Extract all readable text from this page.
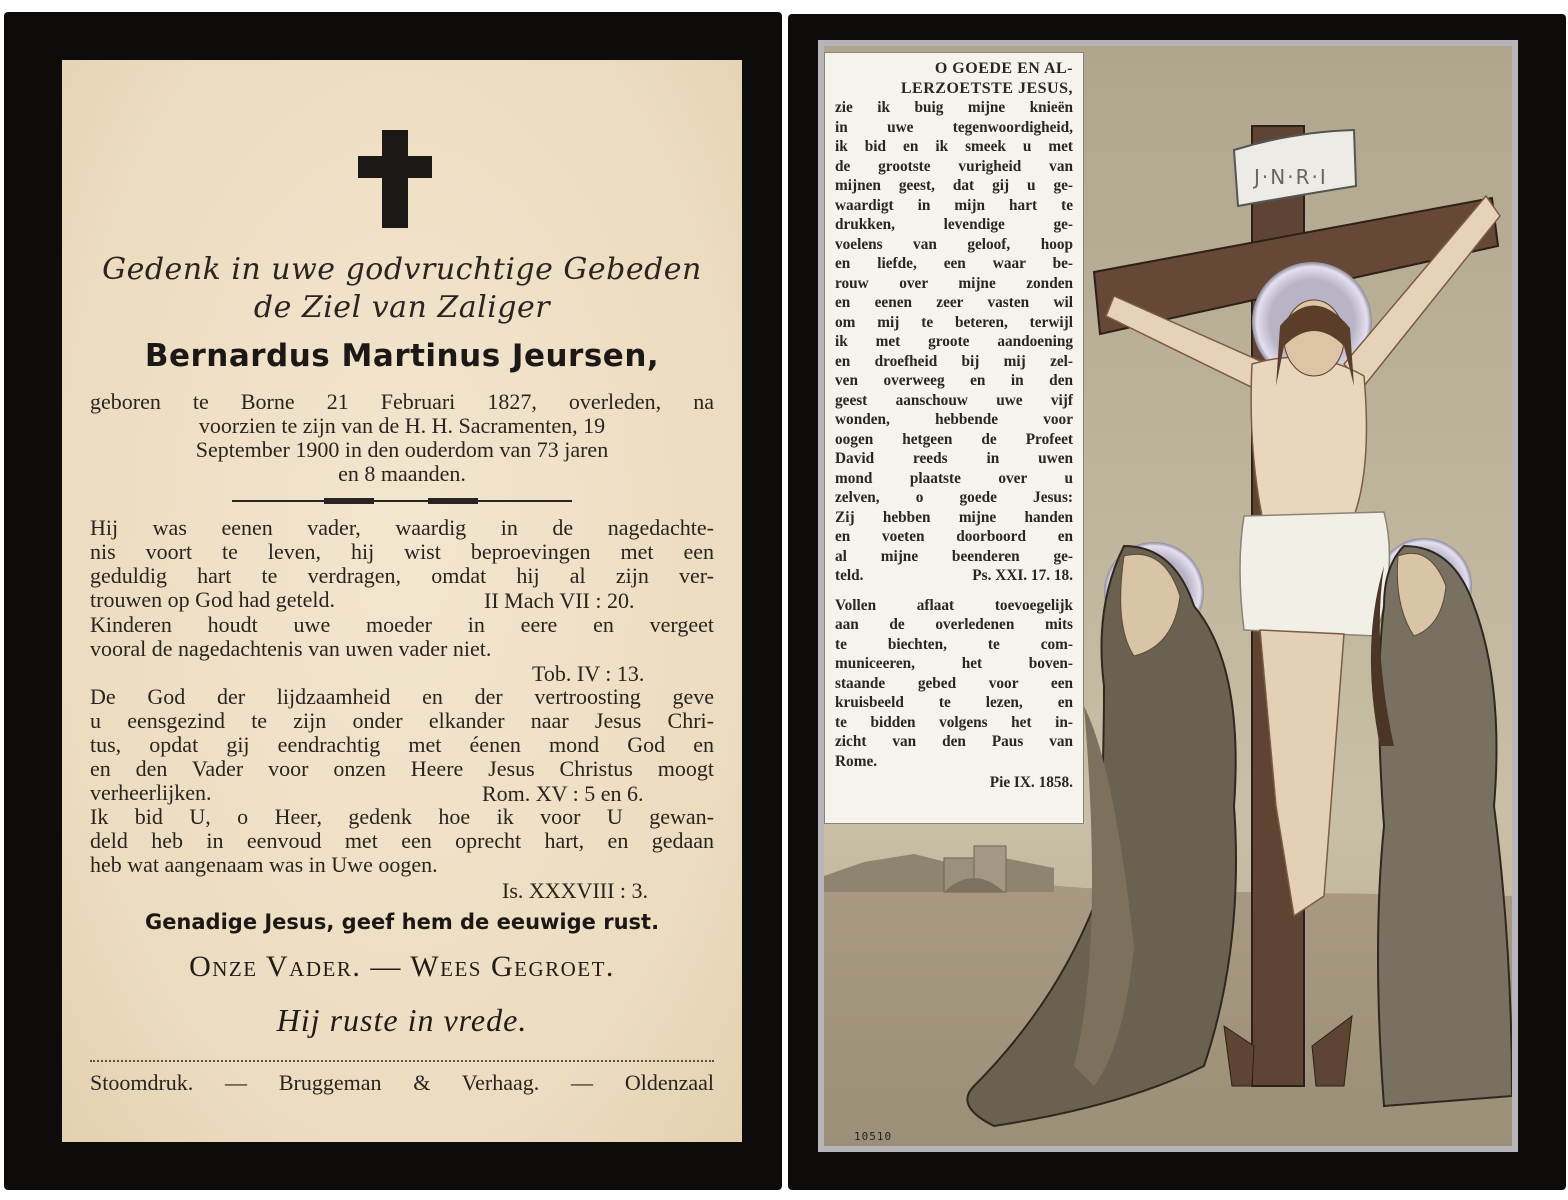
Gedenk in uwe godvruchtige Gebeden
de Ziel van Zaliger
Bernardus Martinus Jeursen,
geboren te Borne 21 Februari 1827, overleden, na
voorzien te zijn van de H. H. Sacramenten, 19
September 1900 in den ouderdom van 73 jaren
en 8 maanden.
Hij was eenen vader, waardig in de nagedachte-
nis voort te leven, hij wist beproevingen met een
geduldig hart te verdragen, omdat hij al zijn ver-
trouwen op God had geteld.	II Mach VII : 20.
Kinderen houdt uwe moeder in eere en vergeet
vooral de nagedachtenis van uwen vader niet.
Tob. IV : 13.
De God der lijdzaamheid en der vertroosting geve
u eensgezind te zijn onder elkander naar Jesus Chri-
tus, opdat gij eendrachtig met éenen mond God en
en den Vader voor onzen Heere Jesus Christus moogt
verheerlijken.	Rom. XV : 5 en 6.
Ik bid U, o Heer, gedenk hoe ik voor U gewan-
deld heb in eenvoud met een oprecht hart, en gedaan
heb wat aangenaam was in Uwe oogen.
Is. XXXVIII : 3.
Genadige Jesus, geef hem de eeuwige rust.
Onze Vader. — Wees Gegroet.
Hij ruste in vrede.
Stoomdruk. — Bruggeman & Verhaag. — Oldenzaal
J·N·R·I
O GOEDE EN AL-
LERZOETSTE JESUS,
zie ik buig mijne knieën
in uwe tegenwoordigheid,
ik bid en ik smeek u met
de grootste vurigheid van
mijnen geest, dat gij u ge-
waardigt in mijn hart te
drukken, levendige ge-
voelens van geloof, hoop
en liefde, een waar be-
rouw over mijne zonden
en eenen zeer vasten wil
om mij te beteren, terwijl
ik met groote aandoening
en droefheid bij mij zel-
ven overweeg en in den
geest aanschouw uwe vijf
wonden, hebbende voor
oogen hetgeen de Profeet
David reeds in uwen
mond plaatste over u
zelven, o goede Jesus:
Zij hebben mijne handen
en voeten doorboord en
al mijne beenderen ge-
teld.	Ps. XXI. 17. 18.
Vollen aflaat toevoegelijk
aan de overledenen mits
te biechten, te com-
municeeren, het boven-
staande gebed voor een
kruisbeeld te lezen, en
te bidden volgens het in-
zicht van den Paus van
Rome.
Pie IX. 1858.
10510
